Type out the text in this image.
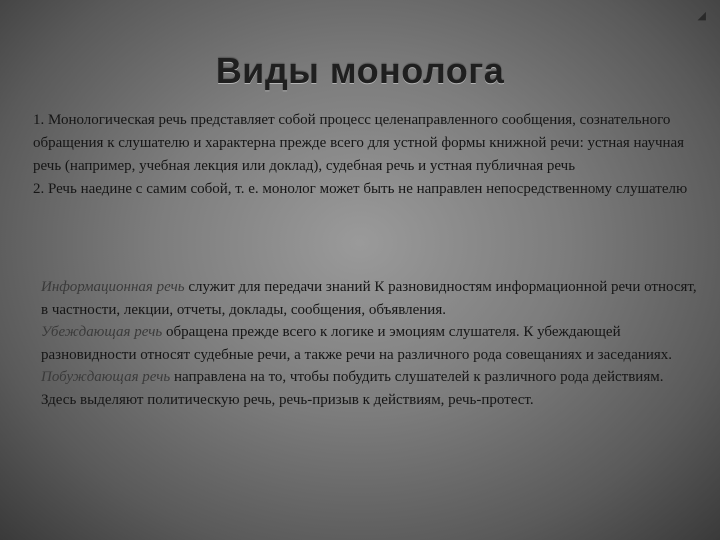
◢
Виды монолога

1. Монологическая речь представляет собой процесс целенаправленного сообщения, сознательного обращения к слушателю и характерна прежде всего для устной формы книжной речи: устная научная речь (например, учебная лекция или доклад), судебная речь и устная публичная речь

2. Речь наедине с самим собой, т. е. монолог может быть не направлен непосредственному слушателю

Информационная речь служит для передачи знаний К разновидностям информационной речи относят, в частности, лекции, отчеты, доклады, сообщения, объявления.

Убеждающая речь обращена прежде всего к логике и эмоциям слушателя. К убеждающей разновидности относят судебные речи, а также речи на различного рода совещаниях и заседаниях.

Побуждающая речь направлена на то, чтобы побудить слушателей к различного рода действиям. Здесь выделяют политическую речь, речь-призыв к действиям, речь-протест.
